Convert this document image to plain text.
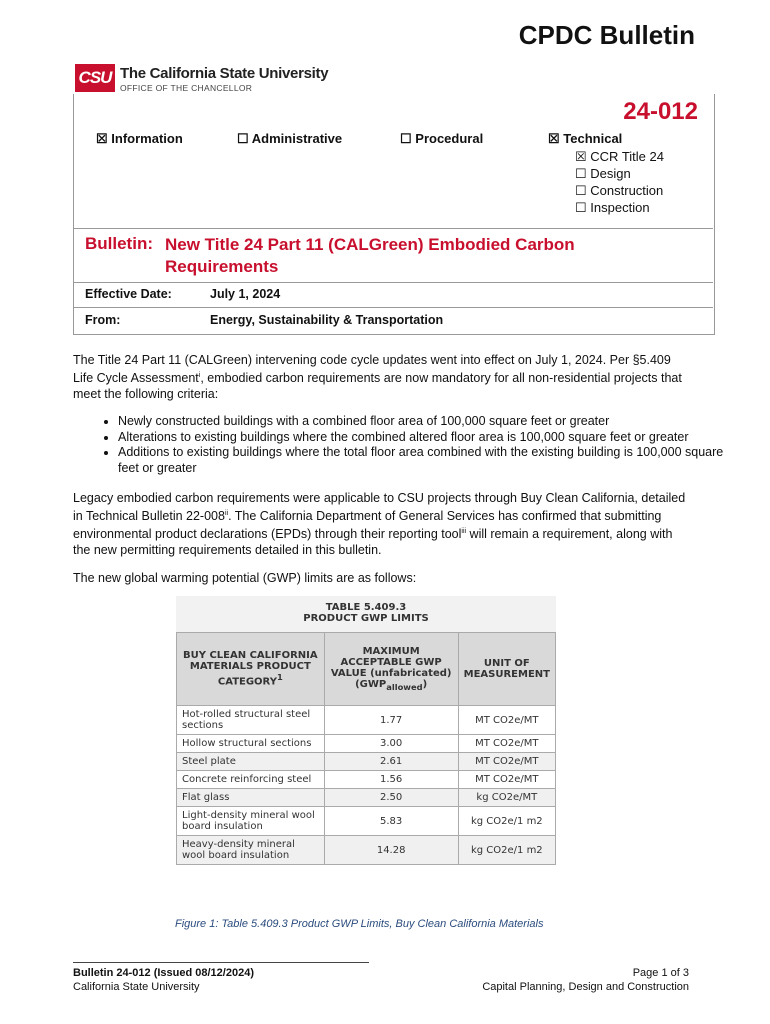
CPDC Bulletin
CSU The California State University
OFFICE OF THE CHANCELLOR
24-012
☒ Information	☐ Administrative	☐ Procedural	☒ Technical
☒ CCR Title 24
☐ Design
☐ Construction
☐ Inspection
Bulletin: New Title 24 Part 11 (CALGreen) Embodied Carbon Requirements
Effective Date:	July 1, 2024
From:	Energy, Sustainability & Transportation
The Title 24 Part 11 (CALGreen) intervening code cycle updates went into effect on July 1, 2024. Per §5.409 Life Cycle Assessment$^i$, embodied carbon requirements are now mandatory for all non-residential projects that meet the following criteria:
• Newly constructed buildings with a combined floor area of 100,000 square feet or greater
• Alterations to existing buildings where the combined altered floor area is 100,000 square feet or greater
• Additions to existing buildings where the total floor area combined with the existing building is 100,000 square feet or greater
Legacy embodied carbon requirements were applicable to CSU projects through Buy Clean California, detailed in Technical Bulletin 22-008$^{ii}$. The California Department of General Services has confirmed that submitting environmental product declarations (EPDs) through their reporting tool$^{iii}$ will remain a requirement, along with the new permitting requirements detailed in this bulletin.
The new global warming potential (GWP) limits are as follows:
TABLE 5.409.3
PRODUCT GWP LIMITS
BUY CLEAN CALIFORNIA MATERIALS PRODUCT CATEGORY$^1$	MAXIMUM ACCEPTABLE GWP VALUE (unfabricated) $(GWP_{allowed})$	UNIT OF MEASUREMENT
Hot-rolled structural steel sections	1.77	MT CO2e/MT
Hollow structural sections	3.00	MT CO2e/MT
Steel plate	2.61	MT CO2e/MT
Concrete reinforcing steel	1.56	MT CO2e/MT
Flat glass	2.50	kg CO2e/MT
Light-density mineral wool board insulation	5.83	kg CO2e/1 m2
Heavy-density mineral wool board insulation	14.28	kg CO2e/1 m2
Figure 1: Table 5.409.3 Product GWP Limits, Buy Clean California Materials
Bulletin 24-012 (Issued 08/12/2024)
California State University
Page 1 of 3
Capital Planning, Design and Construction
